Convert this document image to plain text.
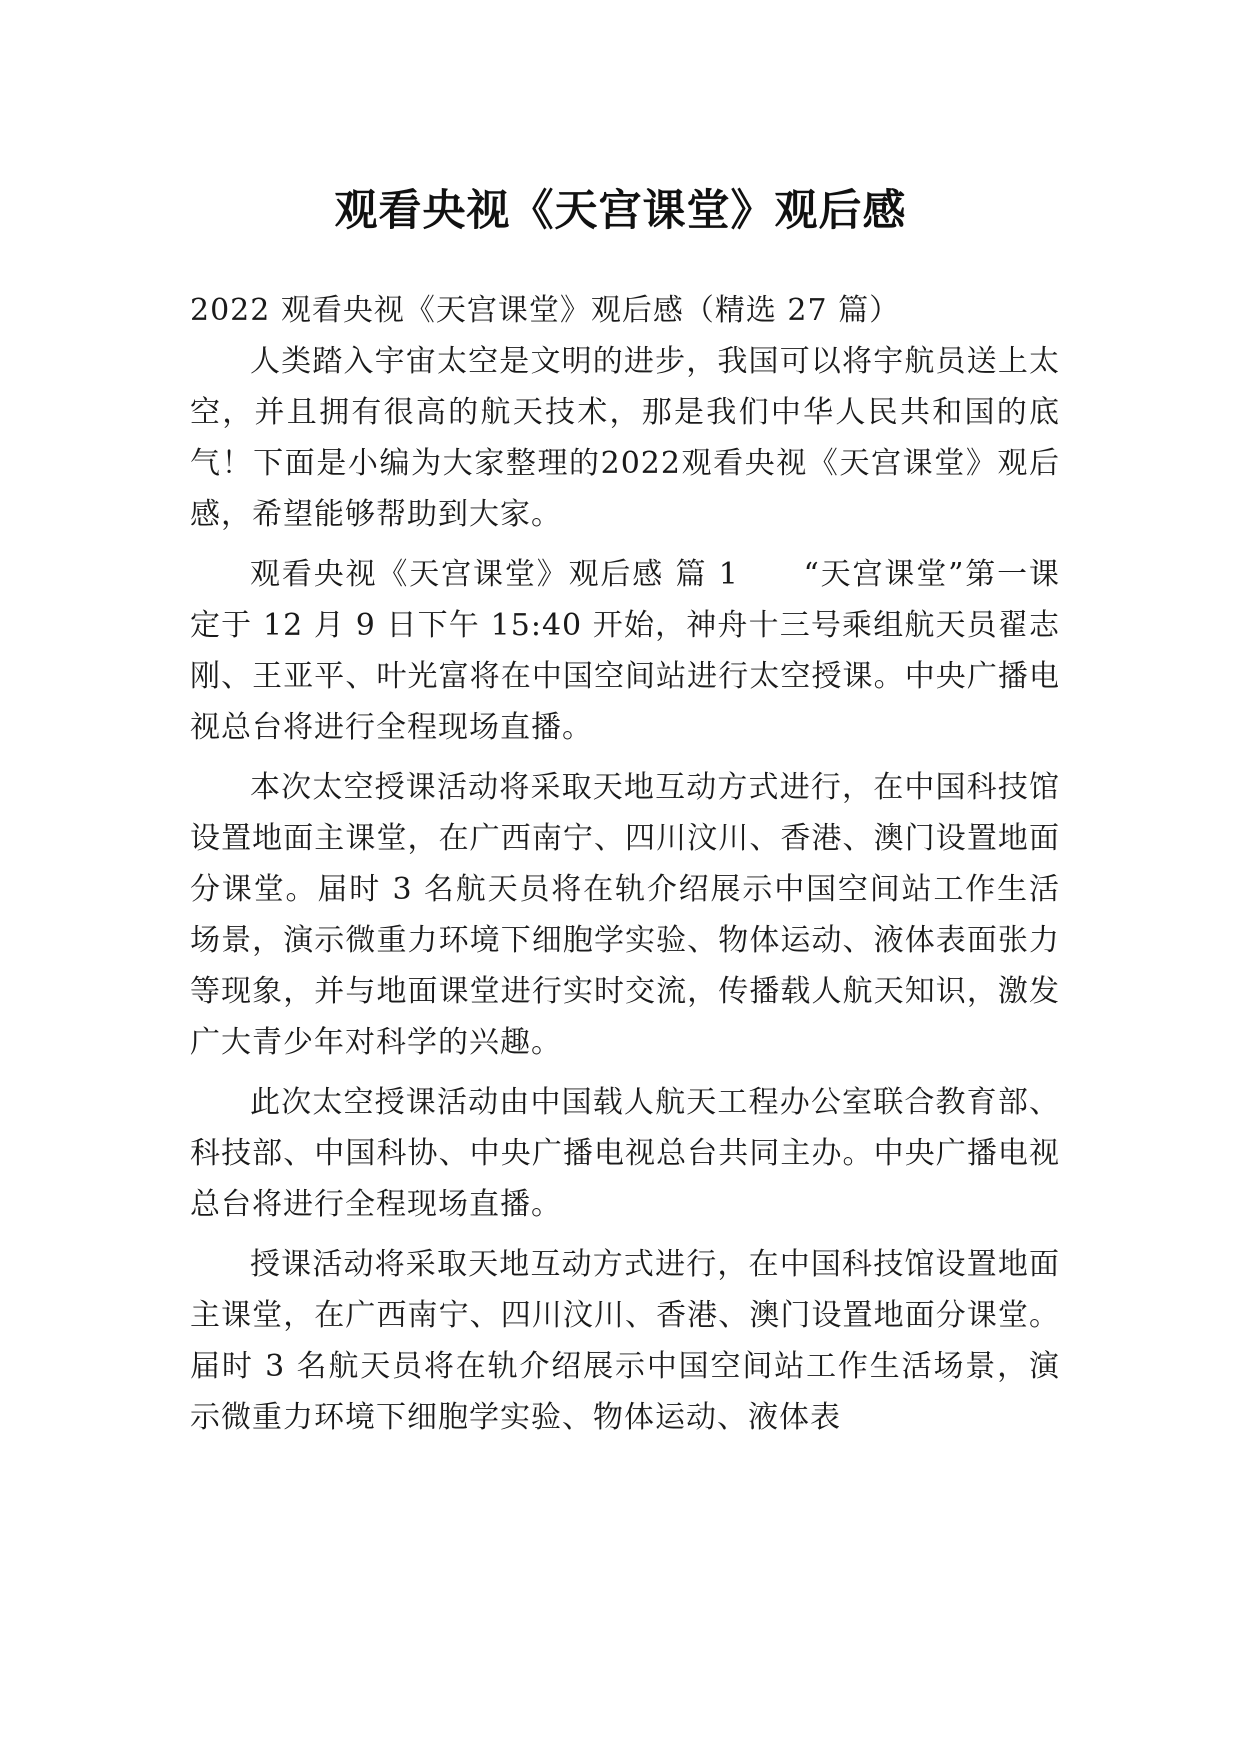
观看央视《天宫课堂》观后感

2022 观看央视《天宫课堂》观后感（精选 27 篇）

人类踏入宇宙太空是文明的进步，我国可以将宇航员送上太空，并且拥有很高的航天技术，那是我们中华人民共和国的底气！下面是小编为大家整理的2022观看央视《天宫课堂》观后感，希望能够帮助到大家。

观看央视《天宫课堂》观后感 篇 1　　“天宫课堂”第一课定于 12 月 9 日下午 15:40 开始，神舟十三号乘组航天员翟志刚、王亚平、叶光富将在中国空间站进行太空授课。中央广播电视总台将进行全程现场直播。

本次太空授课活动将采取天地互动方式进行，在中国科技馆设置地面主课堂，在广西南宁、四川汶川、香港、澳门设置地面分课堂。届时 3 名航天员将在轨介绍展示中国空间站工作生活场景，演示微重力环境下细胞学实验、物体运动、液体表面张力等现象，并与地面课堂进行实时交流，传播载人航天知识，激发广大青少年对科学的兴趣。

此次太空授课活动由中国载人航天工程办公室联合教育部、科技部、中国科协、中央广播电视总台共同主办。中央广播电视总台将进行全程现场直播。

授课活动将采取天地互动方式进行，在中国科技馆设置地面主课堂，在广西南宁、四川汶川、香港、澳门设置地面分课堂。届时 3 名航天员将在轨介绍展示中国空间站工作生活场景，演示微重力环境下细胞学实验、物体运动、液体表
